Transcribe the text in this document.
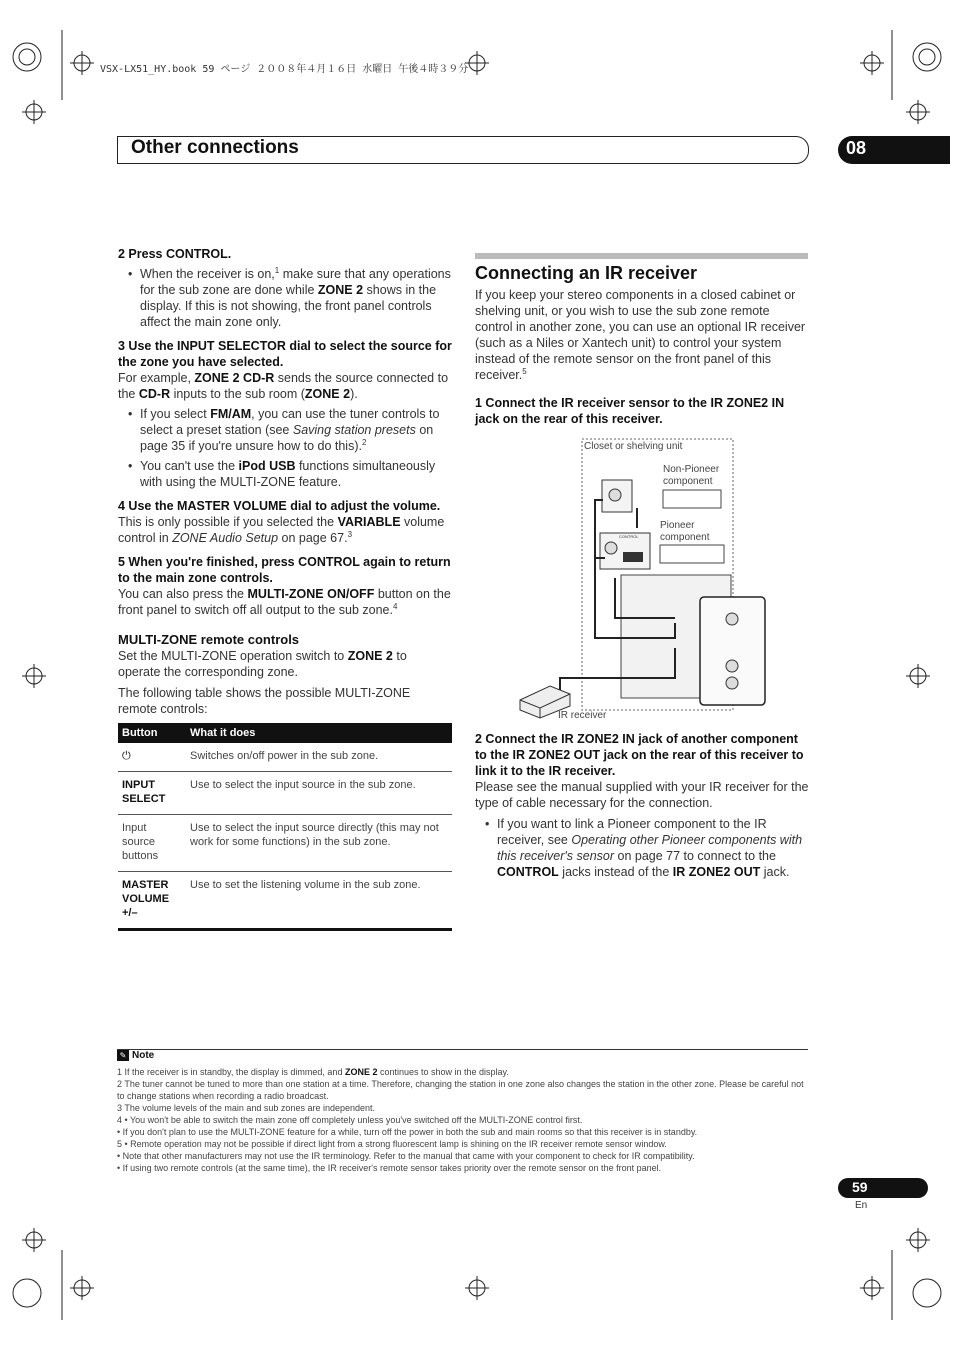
VSX-LX51_HY.book 59 ページ ２００８年４月１６日 水曜日 午後４時３９分
Other connections	08

2 Press CONTROL.

• When the receiver is on,$^1$ make sure that any operations for the sub zone are done while ZONE 2 shows in the display. If this is not showing, the front panel controls affect the main zone only.

3 Use the INPUT SELECTOR dial to select the source for the zone you have selected.

For example, ZONE 2 CD-R sends the source connected to the CD-R inputs to the sub room (ZONE 2).

• If you select FM/AM, you can use the tuner controls to select a preset station (see Saving station presets on page 35 if you're unsure how to do this).$^2$

• You can't use the iPod USB functions simultaneously with using the MULTI-ZONE feature.

4 Use the MASTER VOLUME dial to adjust the volume.

This is only possible if you selected the VARIABLE volume control in ZONE Audio Setup on page 67.$^3$

5 When you're finished, press CONTROL again to return to the main zone controls.

You can also press the MULTI-ZONE ON/OFF button on the front panel to switch off all output to the sub zone.$^4$

MULTI-ZONE remote controls

Set the MULTI-ZONE operation switch to ZONE 2 to operate the corresponding zone.

The following table shows the possible MULTI-ZONE remote controls:

Button	What it does
⏻	Switches on/off power in the sub zone.
INPUT SELECT	Use to select the input source in the sub zone.
Input source buttons	Use to select the input source directly (this may not work for some functions) in the sub zone.
MASTER VOLUME +/–	Use to set the listening volume in the sub zone.
Connecting an IR receiver

If you keep your stereo components in a closed cabinet or shelving unit, or you wish to use the sub zone remote control in another zone, you can use an optional IR receiver (such as a Niles or Xantech unit) to control your system instead of the remote sensor on the front panel of this receiver.$^5$

1 Connect the IR receiver sensor to the IR ZONE2 IN jack on the rear of this receiver.

CONTROL
Closet or shelving unit
Non-Pioneer component
Pioneer component
IR receiver

2 Connect the IR ZONE2 IN jack of another component to the IR ZONE2 OUT jack on the rear of this receiver to link it to the IR receiver.

Please see the manual supplied with your IR receiver for the type of cable necessary for the connection.

• If you want to link a Pioneer component to the IR receiver, see Operating other Pioneer components with this receiver's sensor on page 77 to connect to the CONTROL jacks instead of the IR ZONE2 OUT jack.

✎ Note

1 If the receiver is in standby, the display is dimmed, and ZONE 2 continues to show in the display.

2 The tuner cannot be tuned to more than one station at a time. Therefore, changing the station in one zone also changes the station in the other zone. Please be careful not to change stations when recording a radio broadcast.

3 The volume levels of the main and sub zones are independent.

4 • You won't be able to switch the main zone off completely unless you've switched off the MULTI-ZONE control first.

• If you don't plan to use the MULTI-ZONE feature for a while, turn off the power in both the sub and main rooms so that this receiver is in standby.

5 • Remote operation may not be possible if direct light from a strong fluorescent lamp is shining on the IR receiver remote sensor window.

• Note that other manufacturers may not use the IR terminology. Refer to the manual that came with your component to check for IR compatibility.

• If using two remote controls (at the same time), the IR receiver's remote sensor takes priority over the remote sensor on the front panel.

59
En
